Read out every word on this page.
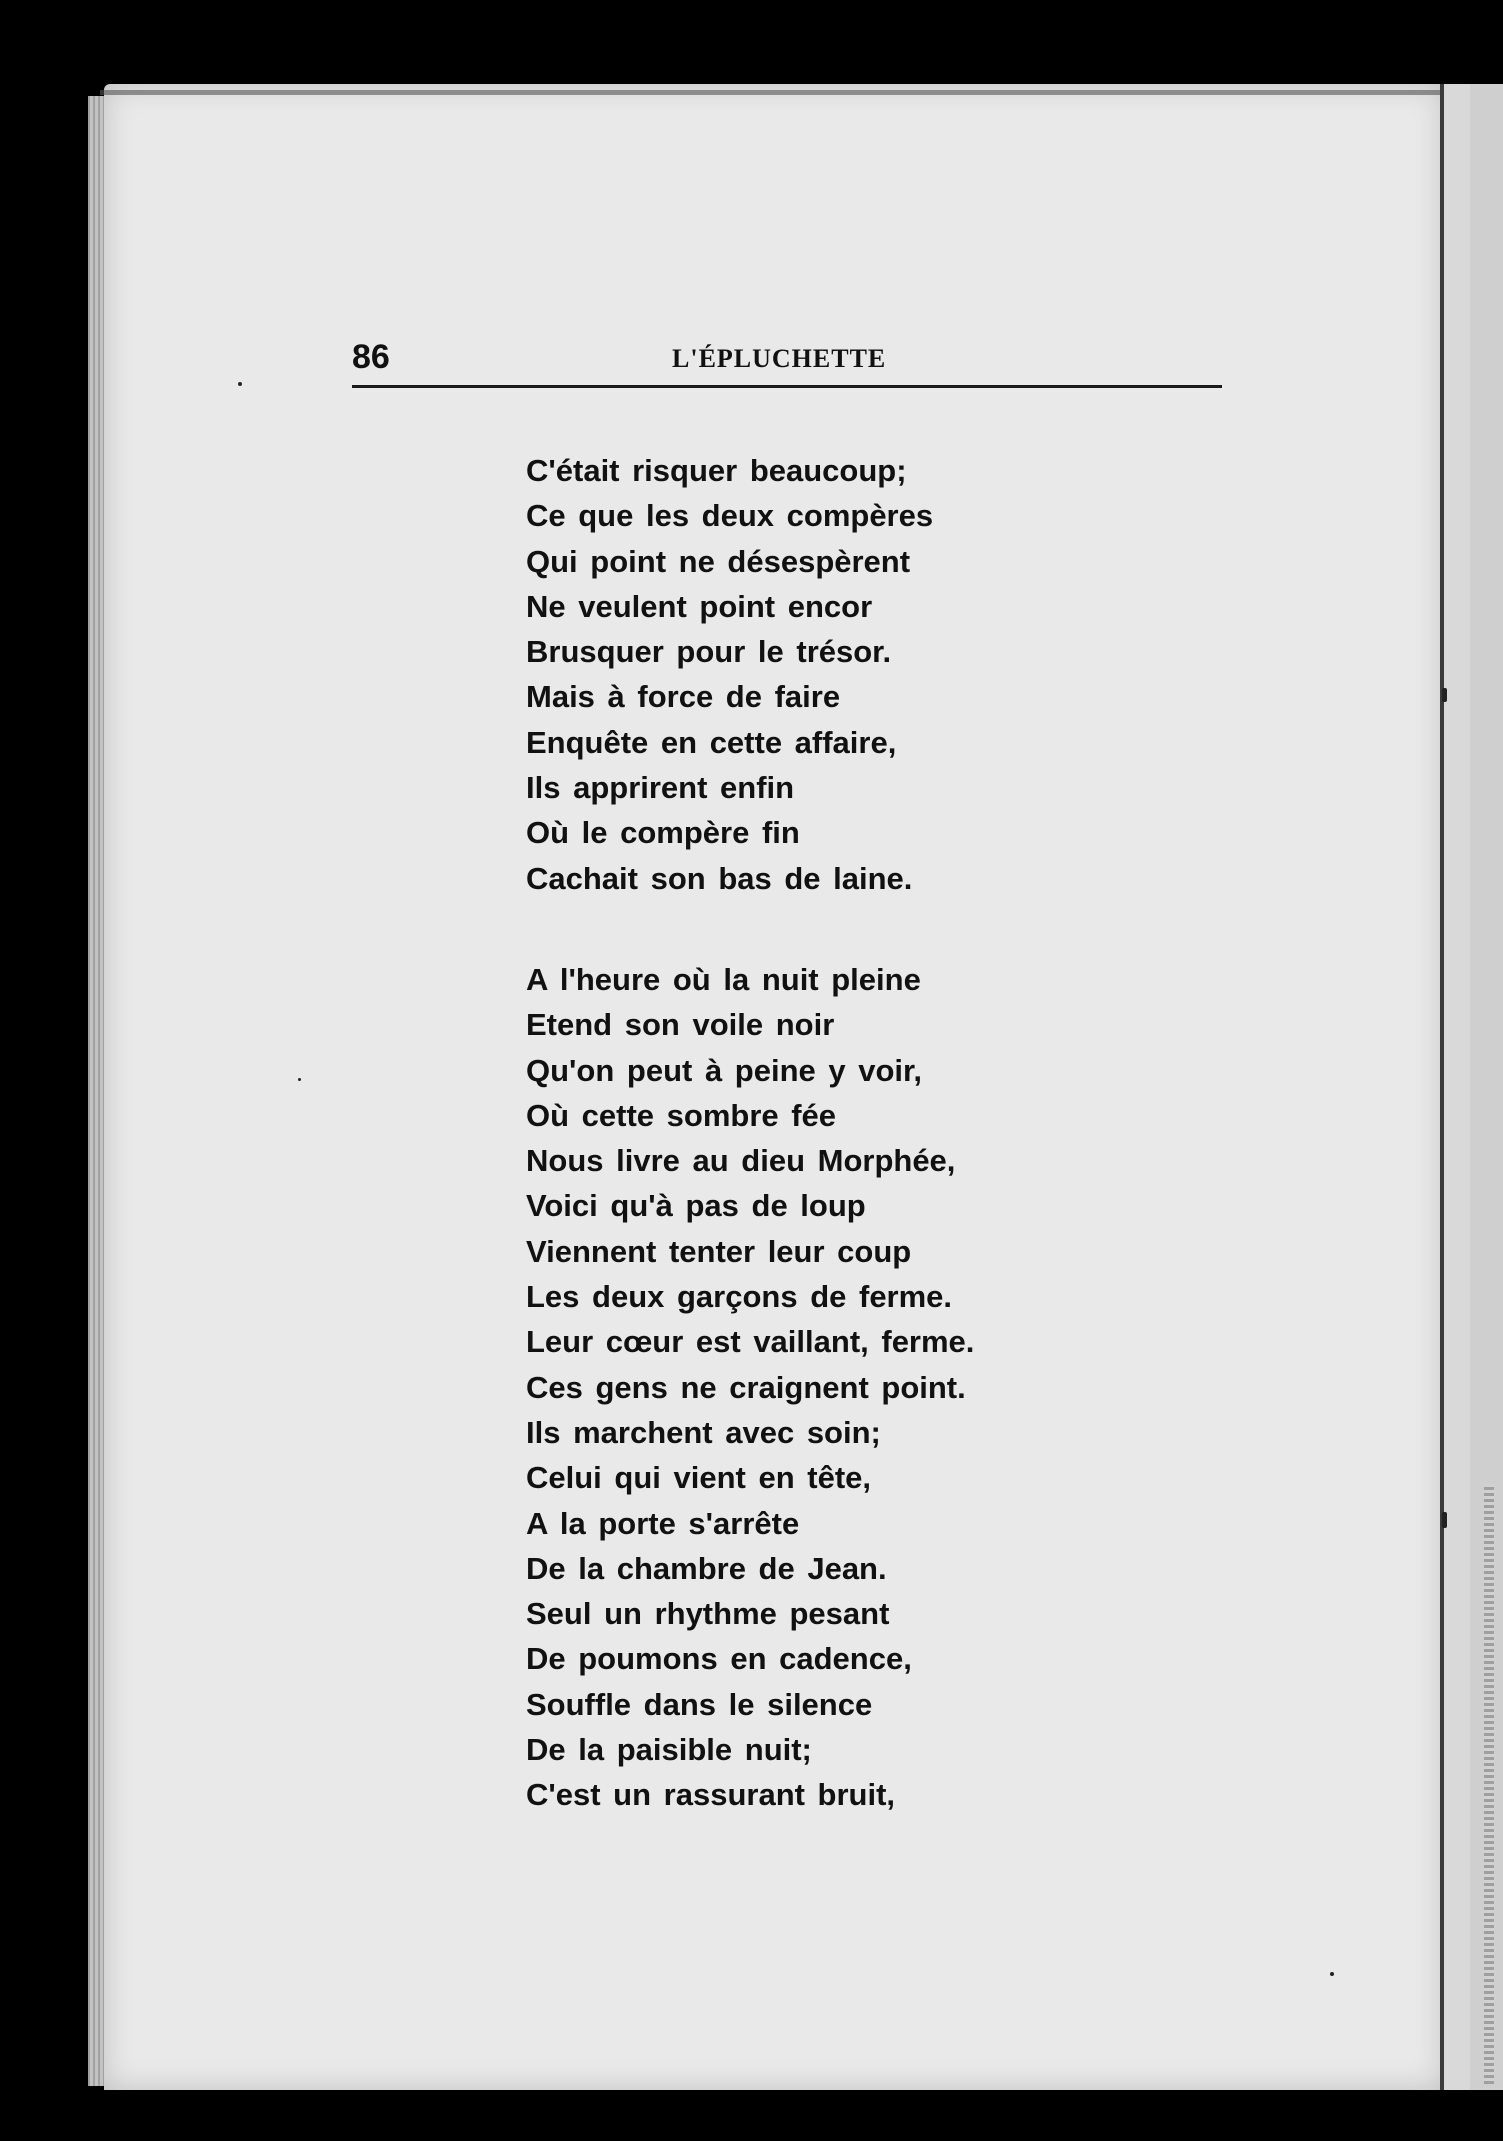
86	L'ÉPLUCHETTE
C'était risquer beaucoup;
Ce que les deux compères
Qui point ne désespèrent
Ne veulent point encor
Brusquer pour le trésor.
Mais à force de faire
Enquête en cette affaire,
Ils apprirent enfin
Où le compère fin
Cachait son bas de laine.
A l'heure où la nuit pleine
Etend son voile noir
Qu'on peut à peine y voir,
Où cette sombre fée
Nous livre au dieu Morphée,
Voici qu'à pas de loup
Viennent tenter leur coup
Les deux garçons de ferme.
Leur cœur est vaillant, ferme.
Ces gens ne craignent point.
Ils marchent avec soin;
Celui qui vient en tête,
A la porte s'arrête
De la chambre de Jean.
Seul un rhythme pesant
De poumons en cadence,
Souffle dans le silence
De la paisible nuit;
C'est un rassurant bruit,
